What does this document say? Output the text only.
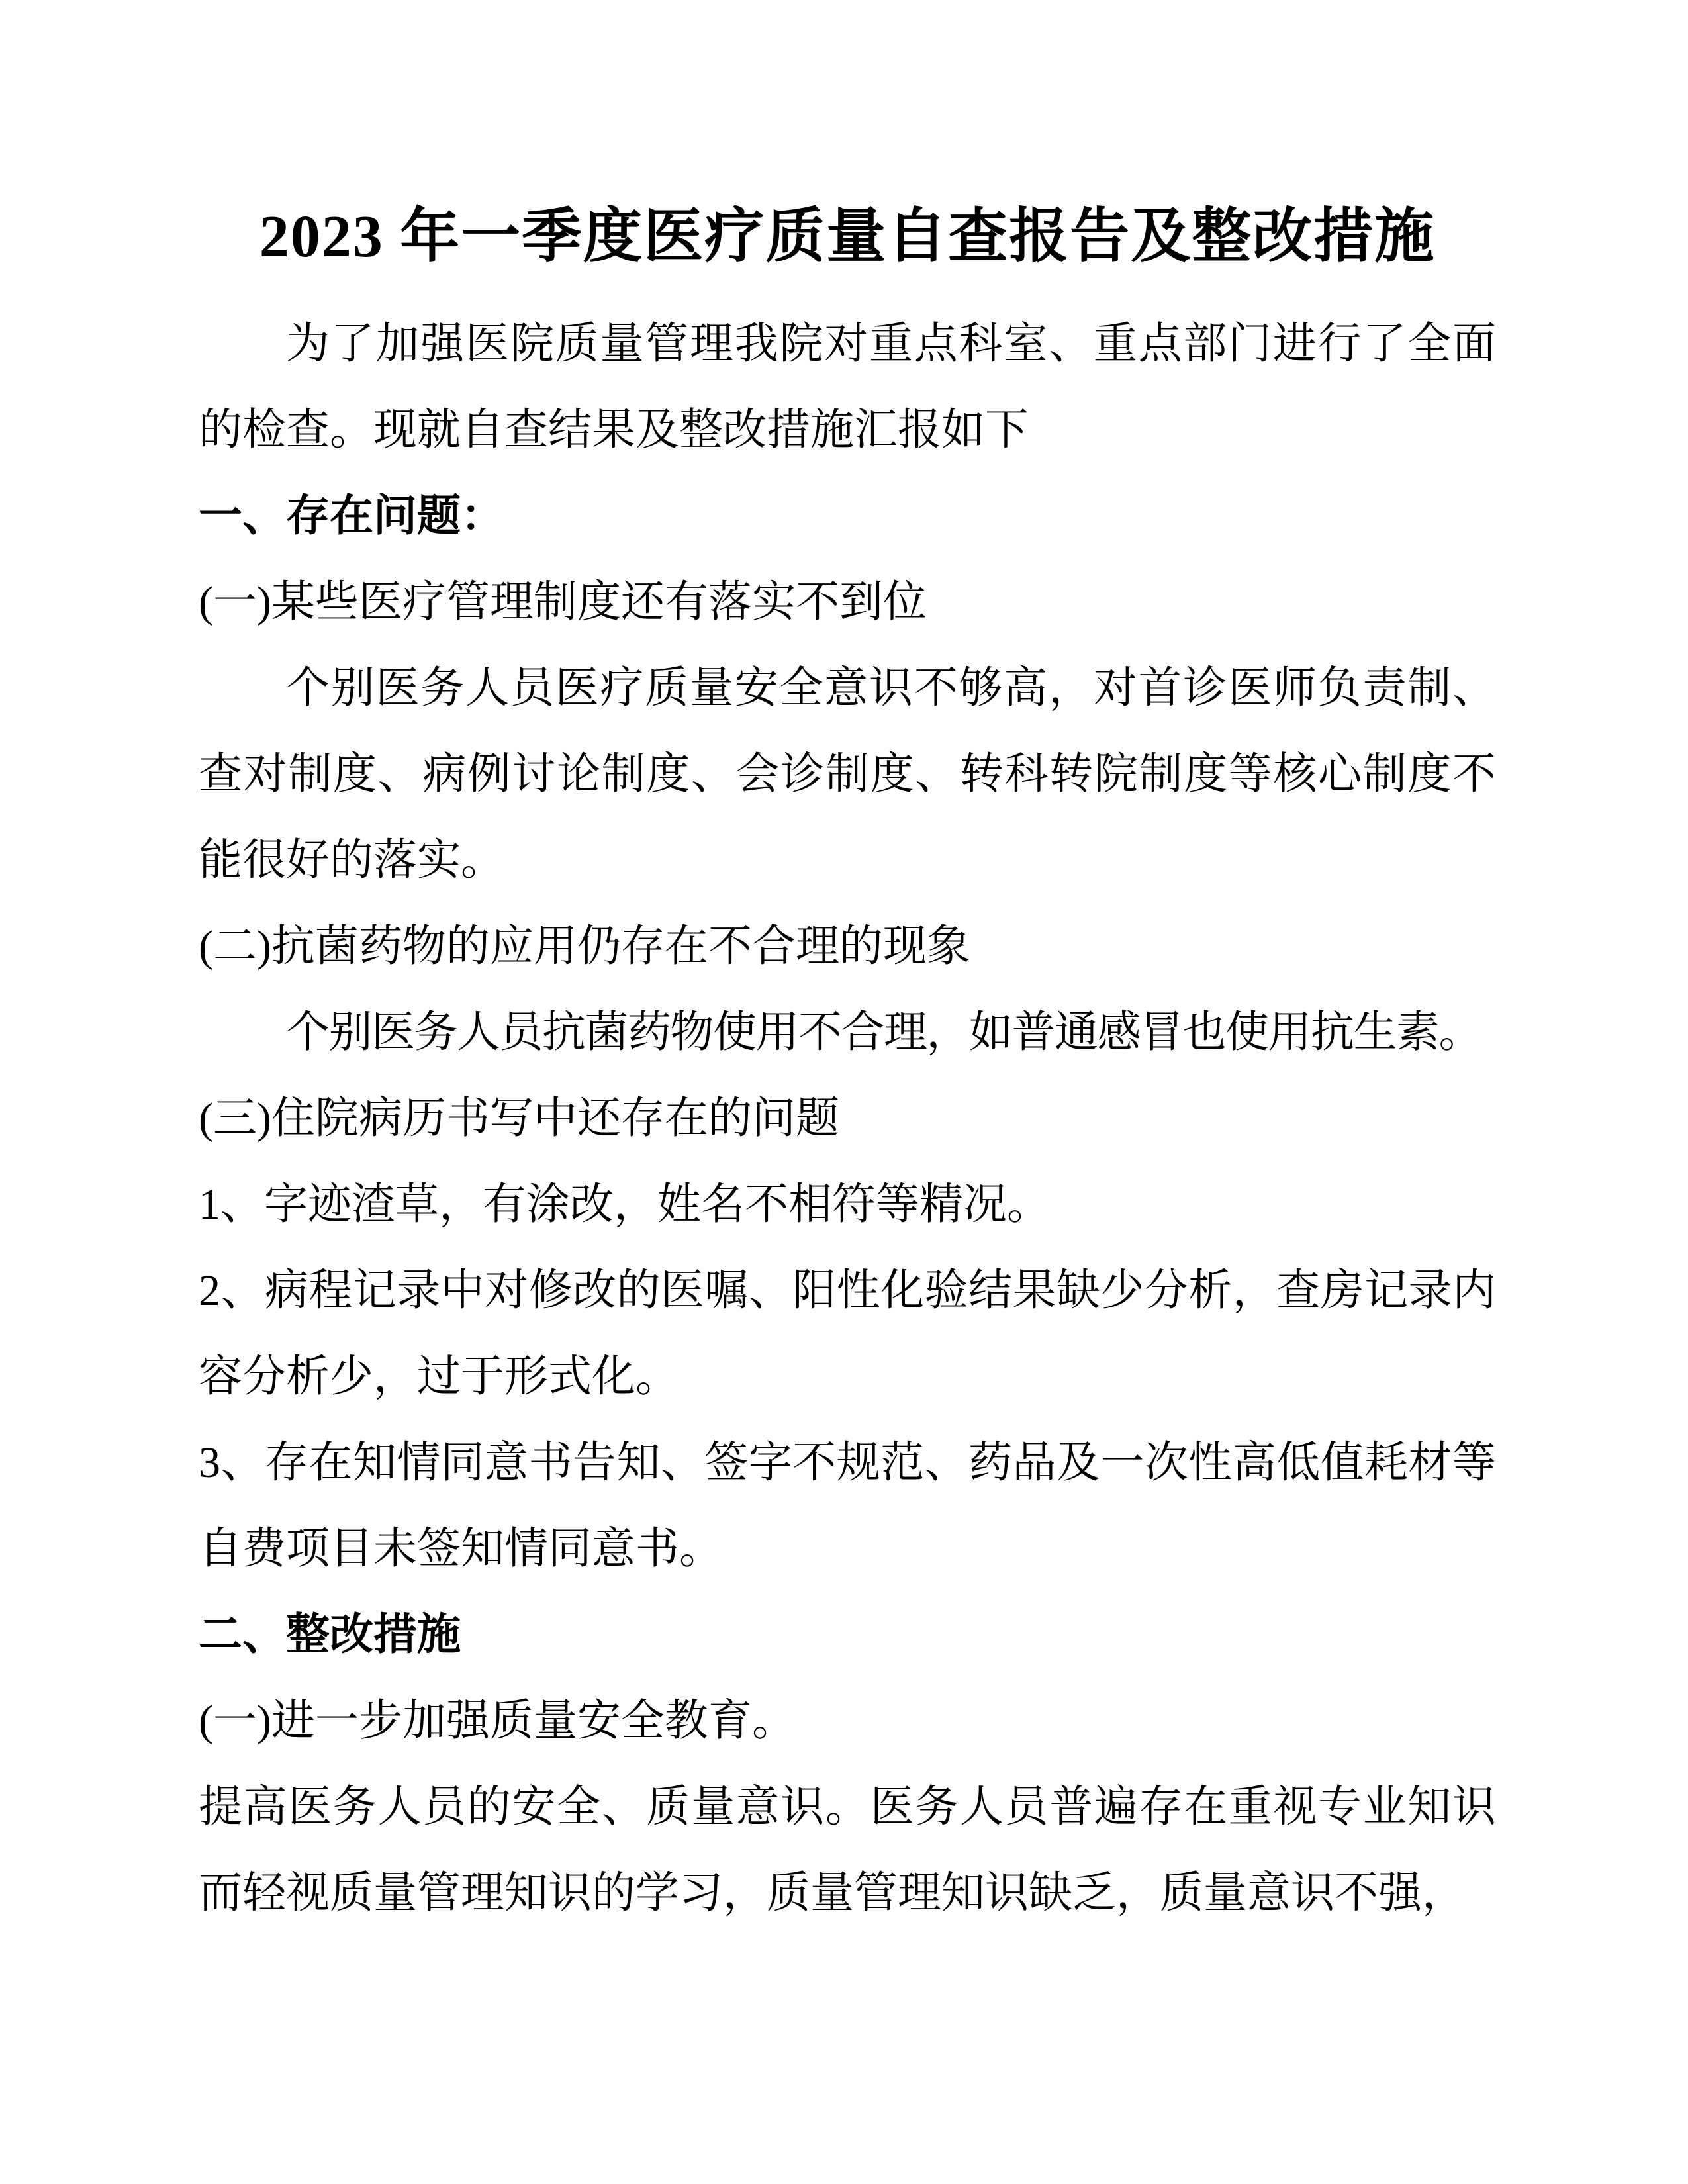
2023 年一季度医疗质量自查报告及整改措施

为了加强医院质量管理我院对重点科室、重点部门进行了全面的检查。现就自查结果及整改措施汇报如下

一、存在问题：

(一)某些医疗管理制度还有落实不到位

个别医务人员医疗质量安全意识不够高，对首诊医师负责制、查对制度、病例讨论制度、会诊制度、转科转院制度等核心制度不能很好的落实。

(二)抗菌药物的应用仍存在不合理的现象

个别医务人员抗菌药物使用不合理，如普通感冒也使用抗生素。

(三)住院病历书写中还存在的问题

1、字迹渣草，有涂改，姓名不相符等精况。

2、病程记录中对修改的医嘱、阳性化验结果缺少分析，查房记录内容分析少，过于形式化。

3、存在知情同意书告知、签字不规范、药品及一次性高低值耗材等自费项目未签知情同意书。

二、整改措施

(一)进一步加强质量安全教育。

提高医务人员的安全、质量意识。医务人员普遍存在重视专业知识而轻视质量管理知识的学习，质量管理知识缺乏，质量意识不强，
